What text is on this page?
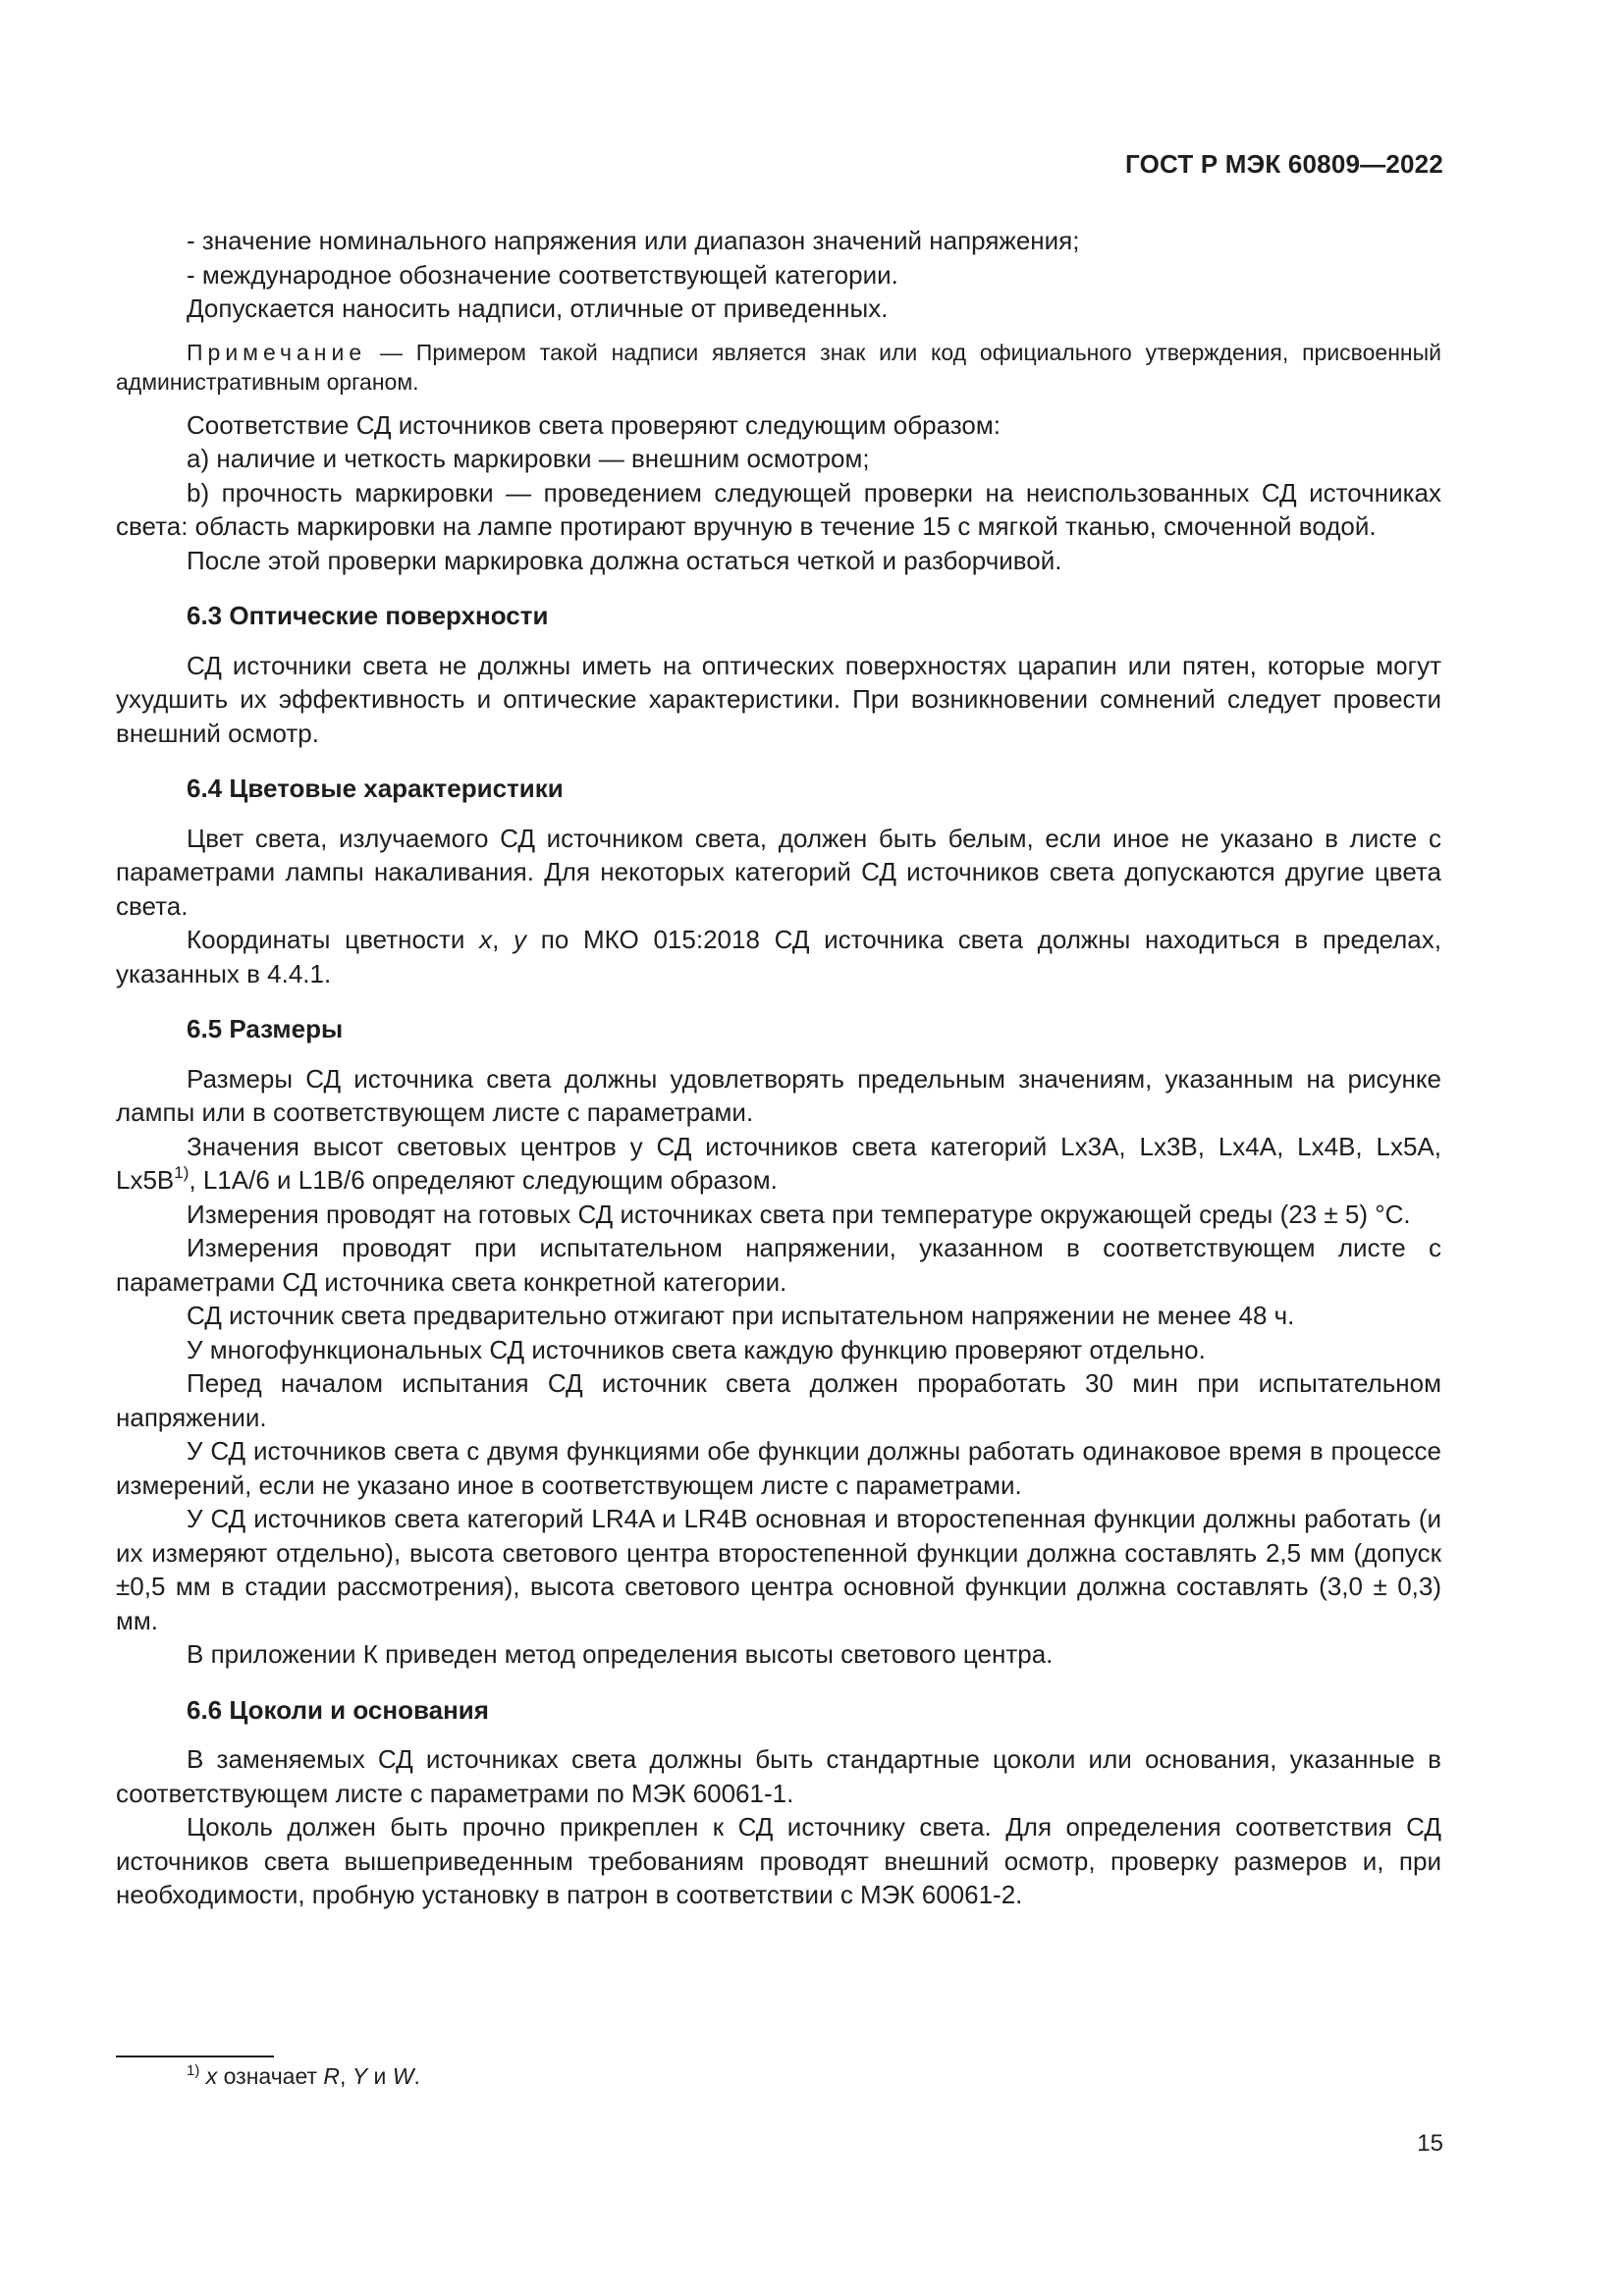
ГОСТ Р МЭК 60809—2022

- значение номинального напряжения или диапазон значений напряжения;

- международное обозначение соответствующей категории.

Допускается наносить надписи, отличные от приведенных.

Примечание — Примером такой надписи является знак или код официального утверждения, присвоенный административным органом.

Соответствие СД источников света проверяют следующим образом:

a) наличие и четкость маркировки — внешним осмотром;

b) прочность маркировки — проведением следующей проверки на неиспользованных СД источниках света: область маркировки на лампе протирают вручную в течение 15 с мягкой тканью, смоченной водой.

После этой проверки маркировка должна остаться четкой и разборчивой.

6.3 Оптические поверхности

СД источники света не должны иметь на оптических поверхностях царапин или пятен, которые могут ухудшить их эффективность и оптические характеристики. При возникновении сомнений следует провести внешний осмотр.

6.4 Цветовые характеристики

Цвет света, излучаемого СД источником света, должен быть белым, если иное не указано в листе с параметрами лампы накаливания. Для некоторых категорий СД источников света допускаются другие цвета света.

Координаты цветности x, y по МКО 015:2018 СД источника света должны находиться в пределах, указанных в 4.4.1.

6.5 Размеры

Размеры СД источника света должны удовлетворять предельным значениям, указанным на рисунке лампы или в соответствующем листе с параметрами.

Значения высот световых центров у СД источников света категорий Lx3A, Lx3B, Lx4A, Lx4B, Lx5A, $Lx5B^{1)}$, L1A/6 и L1B/6 определяют следующим образом.

Измерения проводят на готовых СД источниках света при температуре окружающей среды (23 ± 5) °С.

Измерения проводят при испытательном напряжении, указанном в соответствующем листе с параметрами СД источника света конкретной категории.

СД источник света предварительно отжигают при испытательном напряжении не менее 48 ч.

У многофункциональных СД источников света каждую функцию проверяют отдельно.

Перед началом испытания СД источник света должен проработать 30 мин при испытательном напряжении.

У СД источников света с двумя функциями обе функции должны работать одинаковое время в процессе измерений, если не указано иное в соответствующем листе с параметрами.

У СД источников света категорий LR4A и LR4B основная и второстепенная функции должны работать (и их измеряют отдельно), высота светового центра второстепенной функции должна составлять 2,5 мм (допуск ±0,5 мм в стадии рассмотрения), высота светового центра основной функции должна составлять (3,0 ± 0,3) мм.

В приложении К приведен метод определения высоты светового центра.

6.6 Цоколи и основания

В заменяемых СД источниках света должны быть стандартные цоколи или основания, указанные в соответствующем листе с параметрами по МЭК 60061-1.

Цоколь должен быть прочно прикреплен к СД источнику света. Для определения соответствия СД источников света вышеприведенным требованиям проводят внешний осмотр, проверку размеров и, при необходимости, пробную установку в патрон в соответствии с МЭК 60061-2.

$^{1)}$ x означает R, Y и W.
15
